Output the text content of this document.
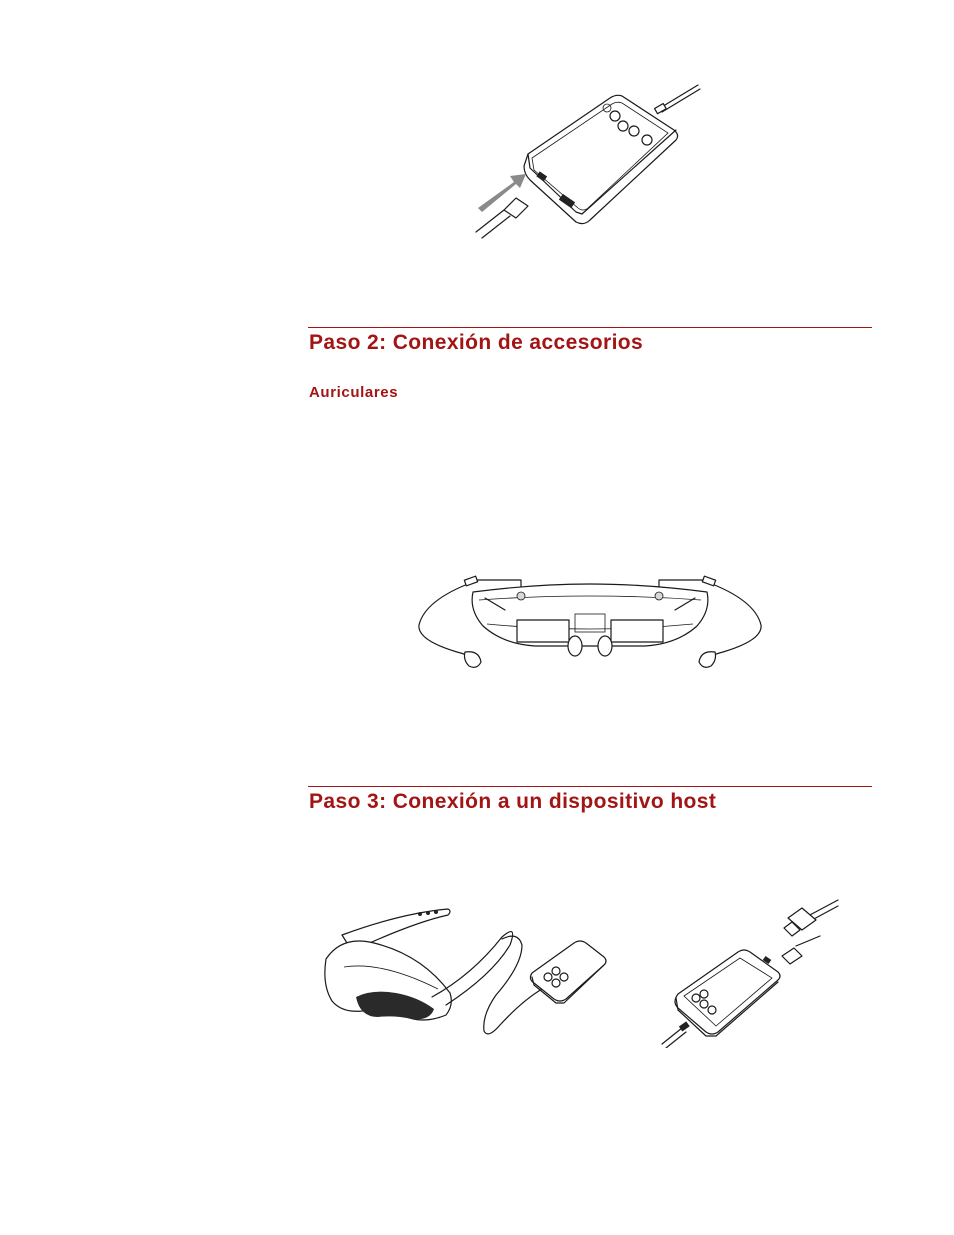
Paso 2: Conexión de accesorios
Auriculares
Paso 3: Conexión a un dispositivo host
